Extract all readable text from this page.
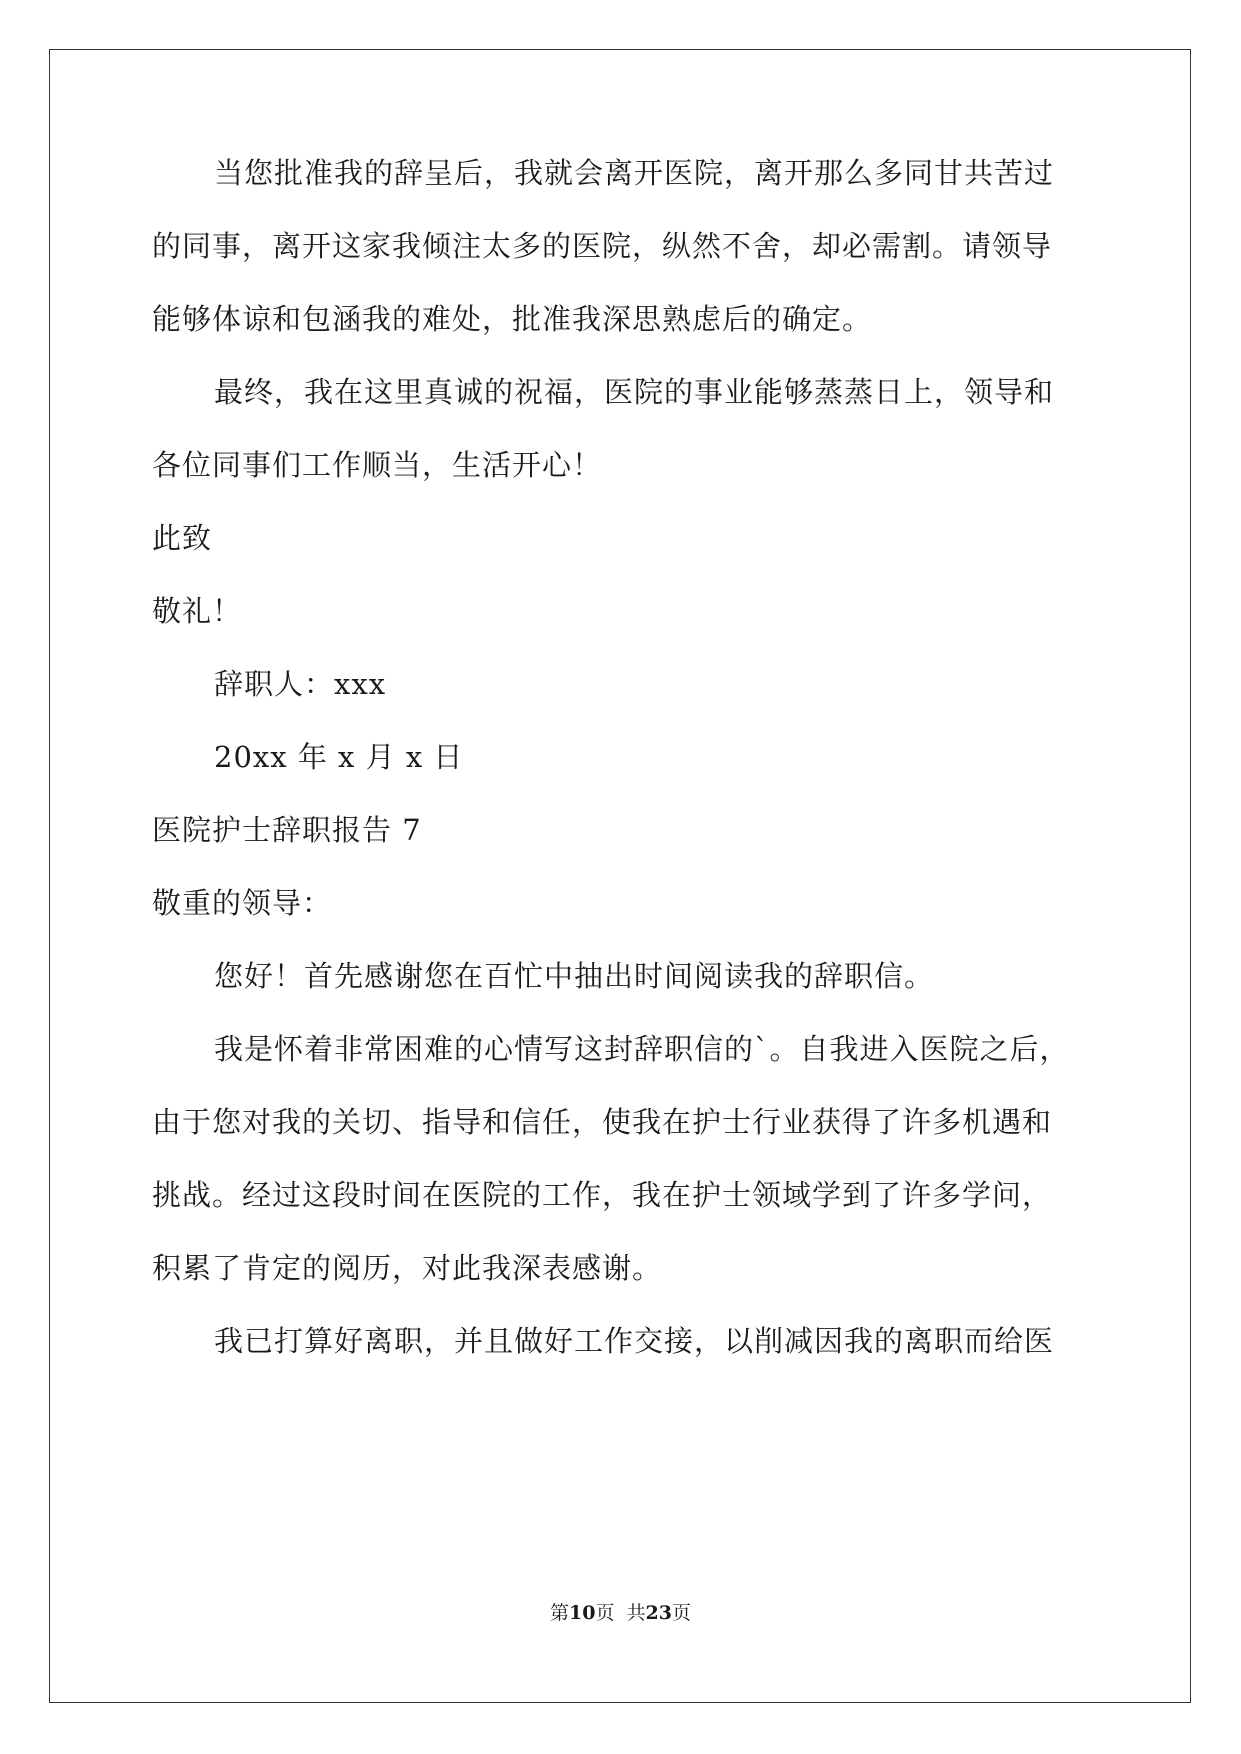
当您批准我的辞呈后，我就会离开医院，离开那么多同甘共苦过
的同事，离开这家我倾注太多的医院，纵然不舍，却必需割。请领导
能够体谅和包涵我的难处，批准我深思熟虑后的确定。
最终，我在这里真诚的祝福，医院的事业能够蒸蒸日上，领导和
各位同事们工作顺当，生活开心！
此致
敬礼！
辞职人：xxx
20xx 年 x 月 x 日
医院护士辞职报告 7
敬重的领导：
您好！首先感谢您在百忙中抽出时间阅读我的辞职信。
我是怀着非常困难的心情写这封辞职信的`。自我进入医院之后，
由于您对我的关切、指导和信任，使我在护士行业获得了许多机遇和
挑战。经过这段时间在医院的工作，我在护士领域学到了许多学问，
积累了肯定的阅历，对此我深表感谢。
我已打算好离职，并且做好工作交接，以削减因我的离职而给医
第10页  共23页
